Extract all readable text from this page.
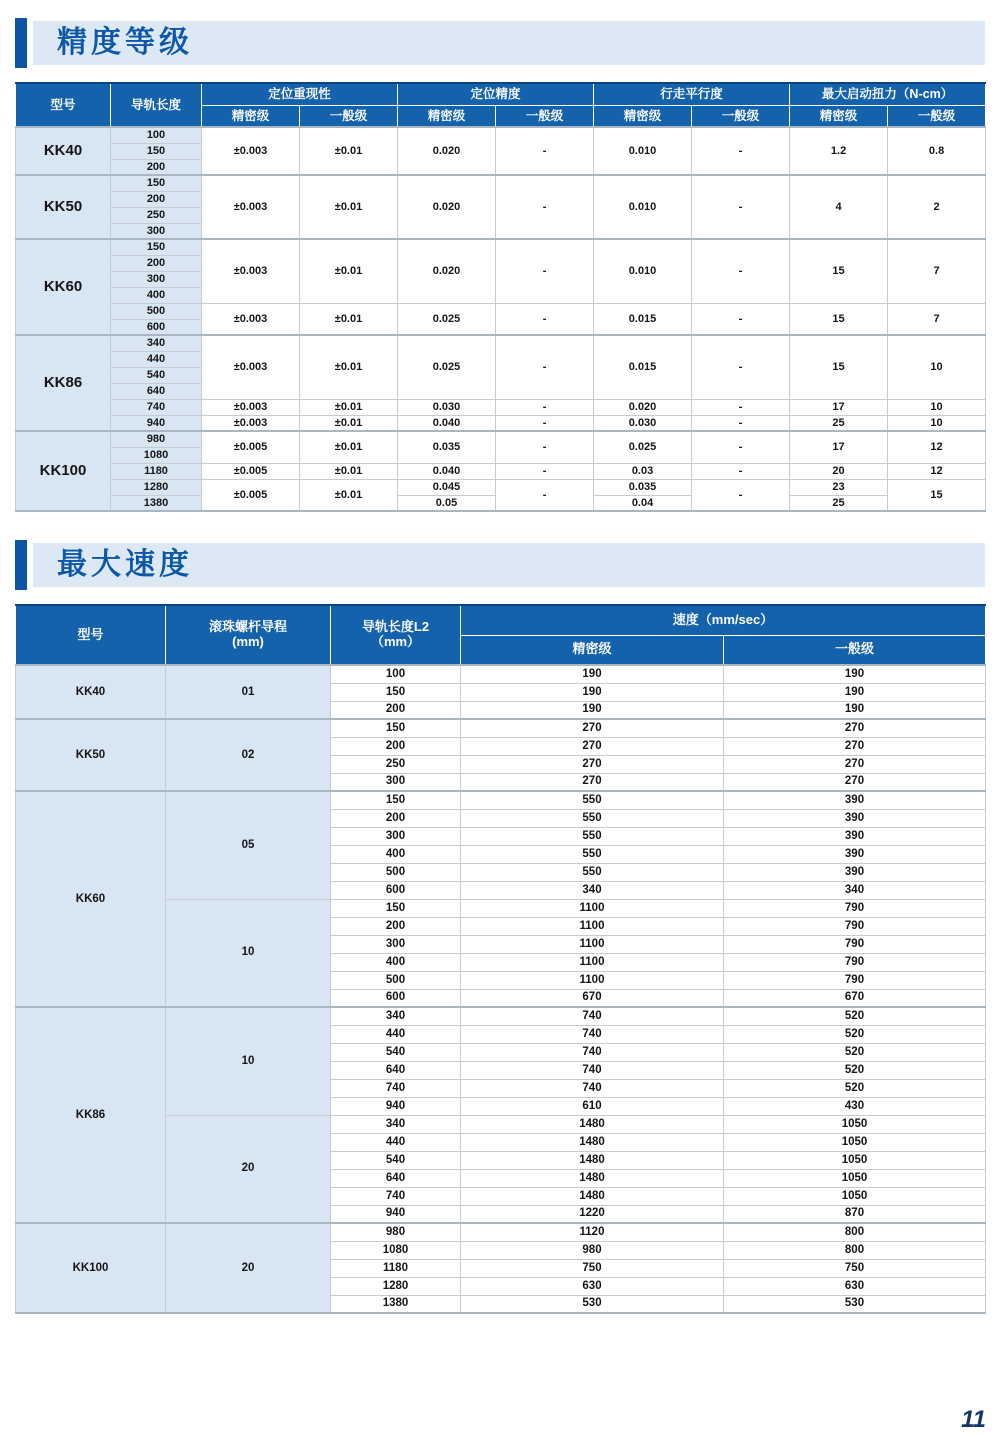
精度等级
型号	导轨长度	定位重现性		定位精度		行走平行度		最大启动扭力（N-cm）	
		精密级	一般级	精密级	一般级	精密级	一般级	精密级	一般级
KK40	100	±0.003	±0.01	0.020	-	0.010	-	1.2	0.8
	150								
	200								
KK50	150	±0.003	±0.01	0.020	-	0.010	-	4	2
	200								
	250								
	300								
KK60	150	±0.003	±0.01	0.020	-	0.010	-	15	7
	200								
	300								
	400								
	500	±0.003	±0.01	0.025	-	0.015	-	15	7
	600								
KK86	340	±0.003	±0.01	0.025	-	0.015	-	15	10
	440								
	540								
	640								
	740	±0.003	±0.01	0.030	-	0.020	-	17	10
	940	±0.003	±0.01	0.040	-	0.030	-	25	10
KK100	980	±0.005	±0.01	0.035	-	0.025	-	17	12
	1080								
	1180	±0.005	±0.01	0.040	-	0.03	-	20	12
	1280	±0.005	±0.01	0.045	-	0.035	-	23	15
	1380			0.05		0.04		25	
最大速度
型号	滚珠螺杆导程
(mm)

导轨长度L2
（mm）
	速度（mm/sec）
			精密级	一般级
KK40	01	100	190	190
		150	190	190
		200	190	190
KK50	02	150	270	270
		200	270	270
		250	270	270
		300	270	270
KK60	05	150	550	390
		200	550	390
		300	550	390
		400	550	390
		500	550	390
		600	340	340
	10	150	1100	790
		200	1100	790
		300	1100	790
		400	1100	790
		500	1100	790
		600	670	670
KK86	10	340	740	520
		440	740	520
		540	740	520
		640	740	520
		740	740	520
		940	610	430
	20	340	1480	1050
		440	1480	1050
		540	1480	1050
		640	1480	1050
		740	1480	1050
		940	1220	870
KK100	20	980	1120	800
		1080	980	800
		1180	750	750
		1280	630	630
		1380	530	530
11
